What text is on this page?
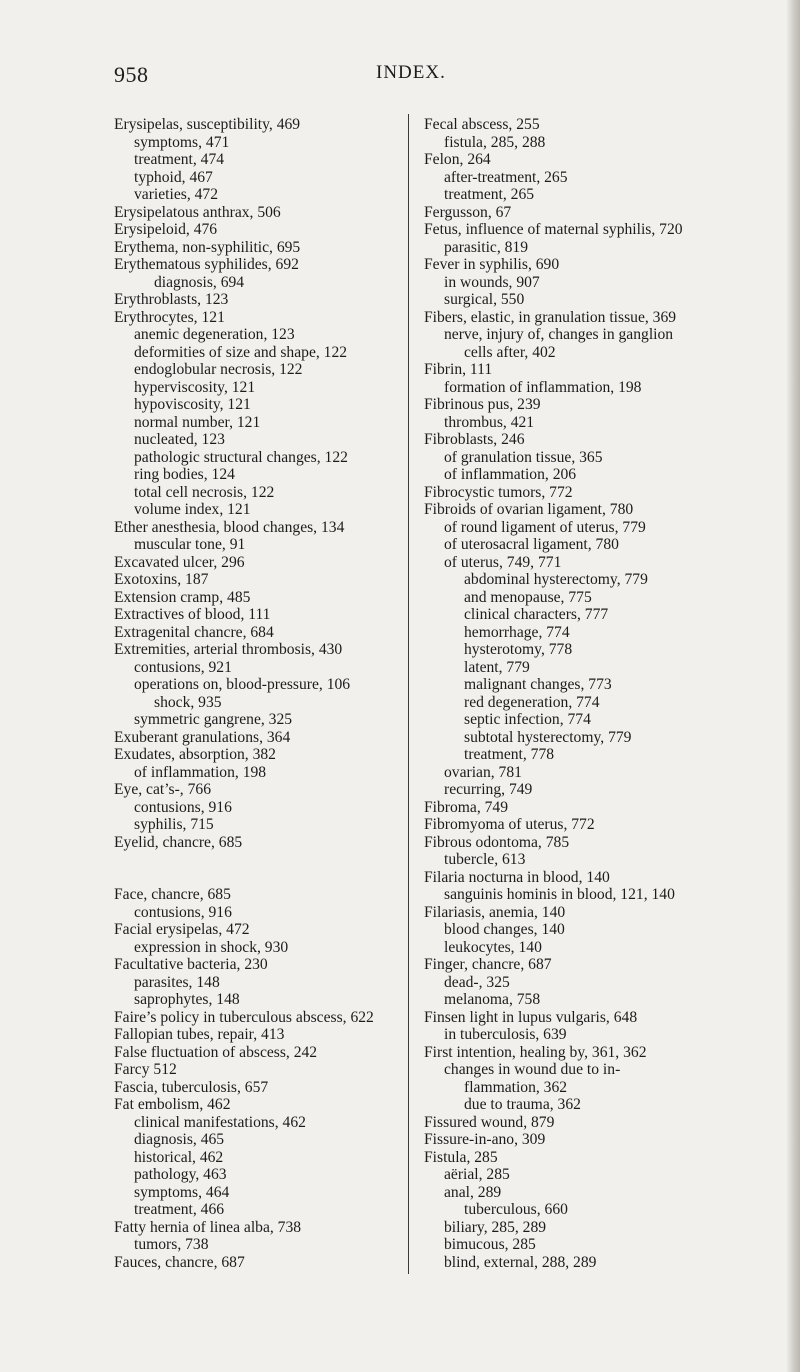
958	INDEX.
Erysipelas, susceptibility, 469
symptoms, 471
treatment, 474
typhoid, 467
varieties, 472
Erysipelatous anthrax, 506
Erysipeloid, 476
Erythema, non-syphilitic, 695
Erythematous syphilides, 692
diagnosis, 694
Erythroblasts, 123
Erythrocytes, 121
anemic degeneration, 123
deformities of size and shape, 122
endoglobular necrosis, 122
hyperviscosity, 121
hypoviscosity, 121
normal number, 121
nucleated, 123
pathologic structural changes, 122
ring bodies, 124
total cell necrosis, 122
volume index, 121
Ether anesthesia, blood changes, 134
muscular tone, 91
Excavated ulcer, 296
Exotoxins, 187
Extension cramp, 485
Extractives of blood, 111
Extragenital chancre, 684
Extremities, arterial thrombosis, 430
contusions, 921
operations on, blood-pressure, 106
shock, 935
symmetric gangrene, 325
Exuberant granulations, 364
Exudates, absorption, 382
of inflammation, 198
Eye, cat’s-, 766
contusions, 916
syphilis, 715
Eyelid, chancre, 685
Face, chancre, 685
contusions, 916
Facial erysipelas, 472
expression in shock, 930
Facultative bacteria, 230
parasites, 148
saprophytes, 148
Faire’s policy in tuberculous abscess, 622
Fallopian tubes, repair, 413
False fluctuation of abscess, 242
Farcy 512
Fascia, tuberculosis, 657
Fat embolism, 462
clinical manifestations, 462
diagnosis, 465
historical, 462
pathology, 463
symptoms, 464
treatment, 466
Fatty hernia of linea alba, 738
tumors, 738
Fauces, chancre, 687
Fecal abscess, 255
fistula, 285, 288
Felon, 264
after-treatment, 265
treatment, 265
Fergusson, 67
Fetus, influence of maternal syphilis, 720
parasitic, 819
Fever in syphilis, 690
in wounds, 907
surgical, 550
Fibers, elastic, in granulation tissue, 369
nerve, injury of, changes in ganglion
cells after, 402
Fibrin, 111
formation of inflammation, 198
Fibrinous pus, 239
thrombus, 421
Fibroblasts, 246
of granulation tissue, 365
of inflammation, 206
Fibrocystic tumors, 772
Fibroids of ovarian ligament, 780
of round ligament of uterus, 779
of uterosacral ligament, 780
of uterus, 749, 771
abdominal hysterectomy, 779
and menopause, 775
clinical characters, 777
hemorrhage, 774
hysterotomy, 778
latent, 779
malignant changes, 773
red degeneration, 774
septic infection, 774
subtotal hysterectomy, 779
treatment, 778
ovarian, 781
recurring, 749
Fibroma, 749
Fibromyoma of uterus, 772
Fibrous odontoma, 785
tubercle, 613
Filaria nocturna in blood, 140
sanguinis hominis in blood, 121, 140
Filariasis, anemia, 140
blood changes, 140
leukocytes, 140
Finger, chancre, 687
dead-, 325
melanoma, 758
Finsen light in lupus vulgaris, 648
in tuberculosis, 639
First intention, healing by, 361, 362
changes in wound due to in-
flammation, 362
due to trauma, 362
Fissured wound, 879
Fissure-in-ano, 309
Fistula, 285
aërial, 285
anal, 289
tuberculous, 660
biliary, 285, 289
bimucous, 285
blind, external, 288, 289
